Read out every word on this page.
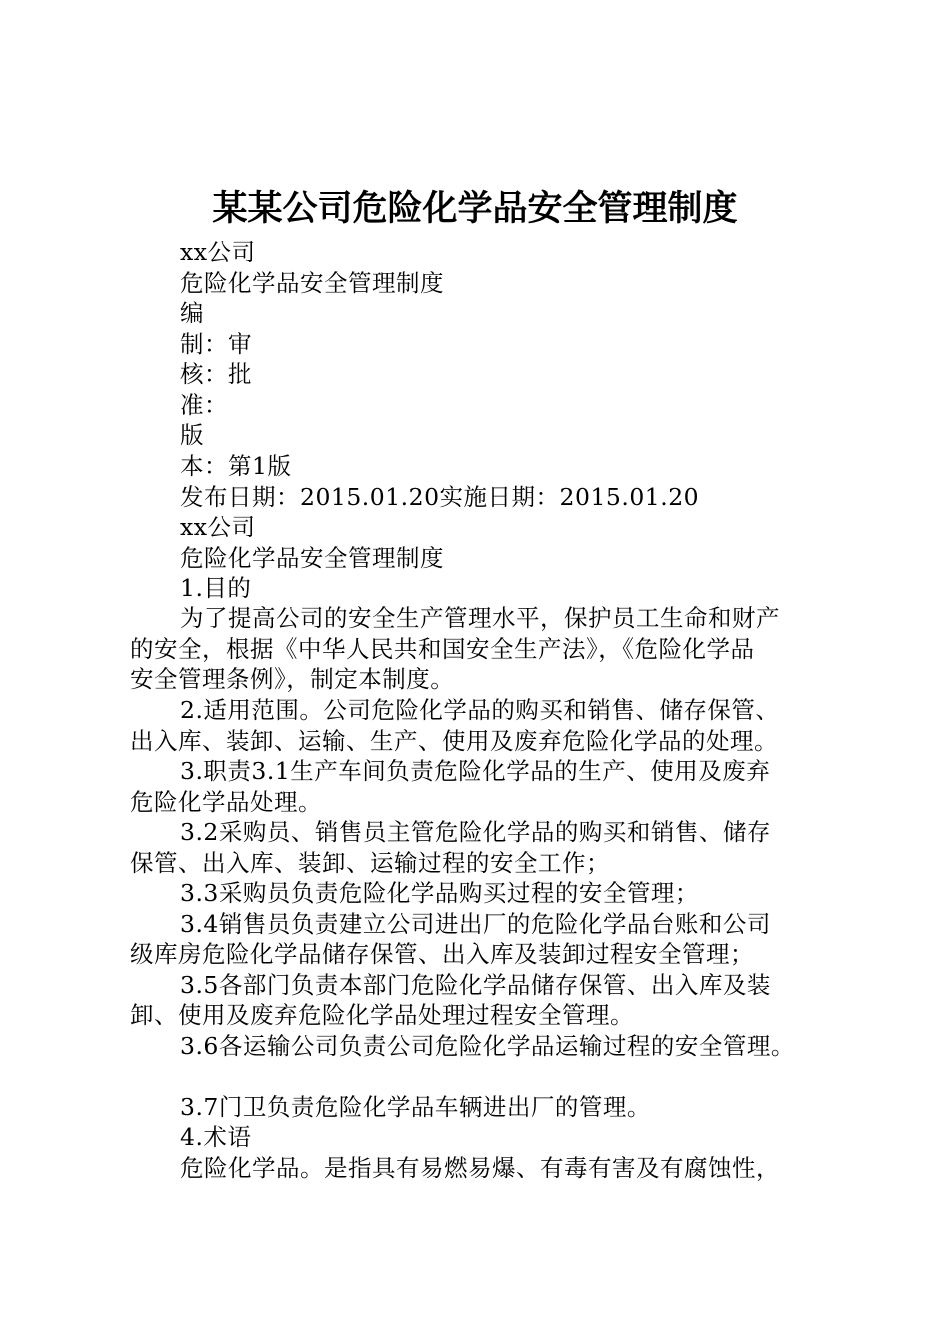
某某公司危险化学品安全管理制度
xx公司
危险化学品安全管理制度
编
制：审
核：批
准：
版
本：第1版
发布日期：2015.01.20实施日期：2015.01.20
xx公司
危险化学品安全管理制度
1.目的
为了提高公司的安全生产管理水平，保护员工生命和财产
的安全，根据《中华人民共和国安全生产法》，《危险化学品
安全管理条例》，制定本制度。
2.适用范围。公司危险化学品的购买和销售、储存保管、
出入库、装卸、运输、生产、使用及废弃危险化学品的处理。
3.职责3.1生产车间负责危险化学品的生产、使用及废弃
危险化学品处理。
3.2采购员、销售员主管危险化学品的购买和销售、储存
保管、出入库、装卸、运输过程的安全工作；
3.3采购员负责危险化学品购买过程的安全管理；
3.4销售员负责建立公司进出厂的危险化学品台账和公司
级库房危险化学品储存保管、出入库及装卸过程安全管理；
3.5各部门负责本部门危险化学品储存保管、出入库及装
卸、使用及废弃危险化学品处理过程安全管理。
3.6各运输公司负责公司危险化学品运输过程的安全管理。
3.7门卫负责危险化学品车辆进出厂的管理。
4.术语
危险化学品。是指具有易燃易爆、有毒有害及有腐蚀性，
